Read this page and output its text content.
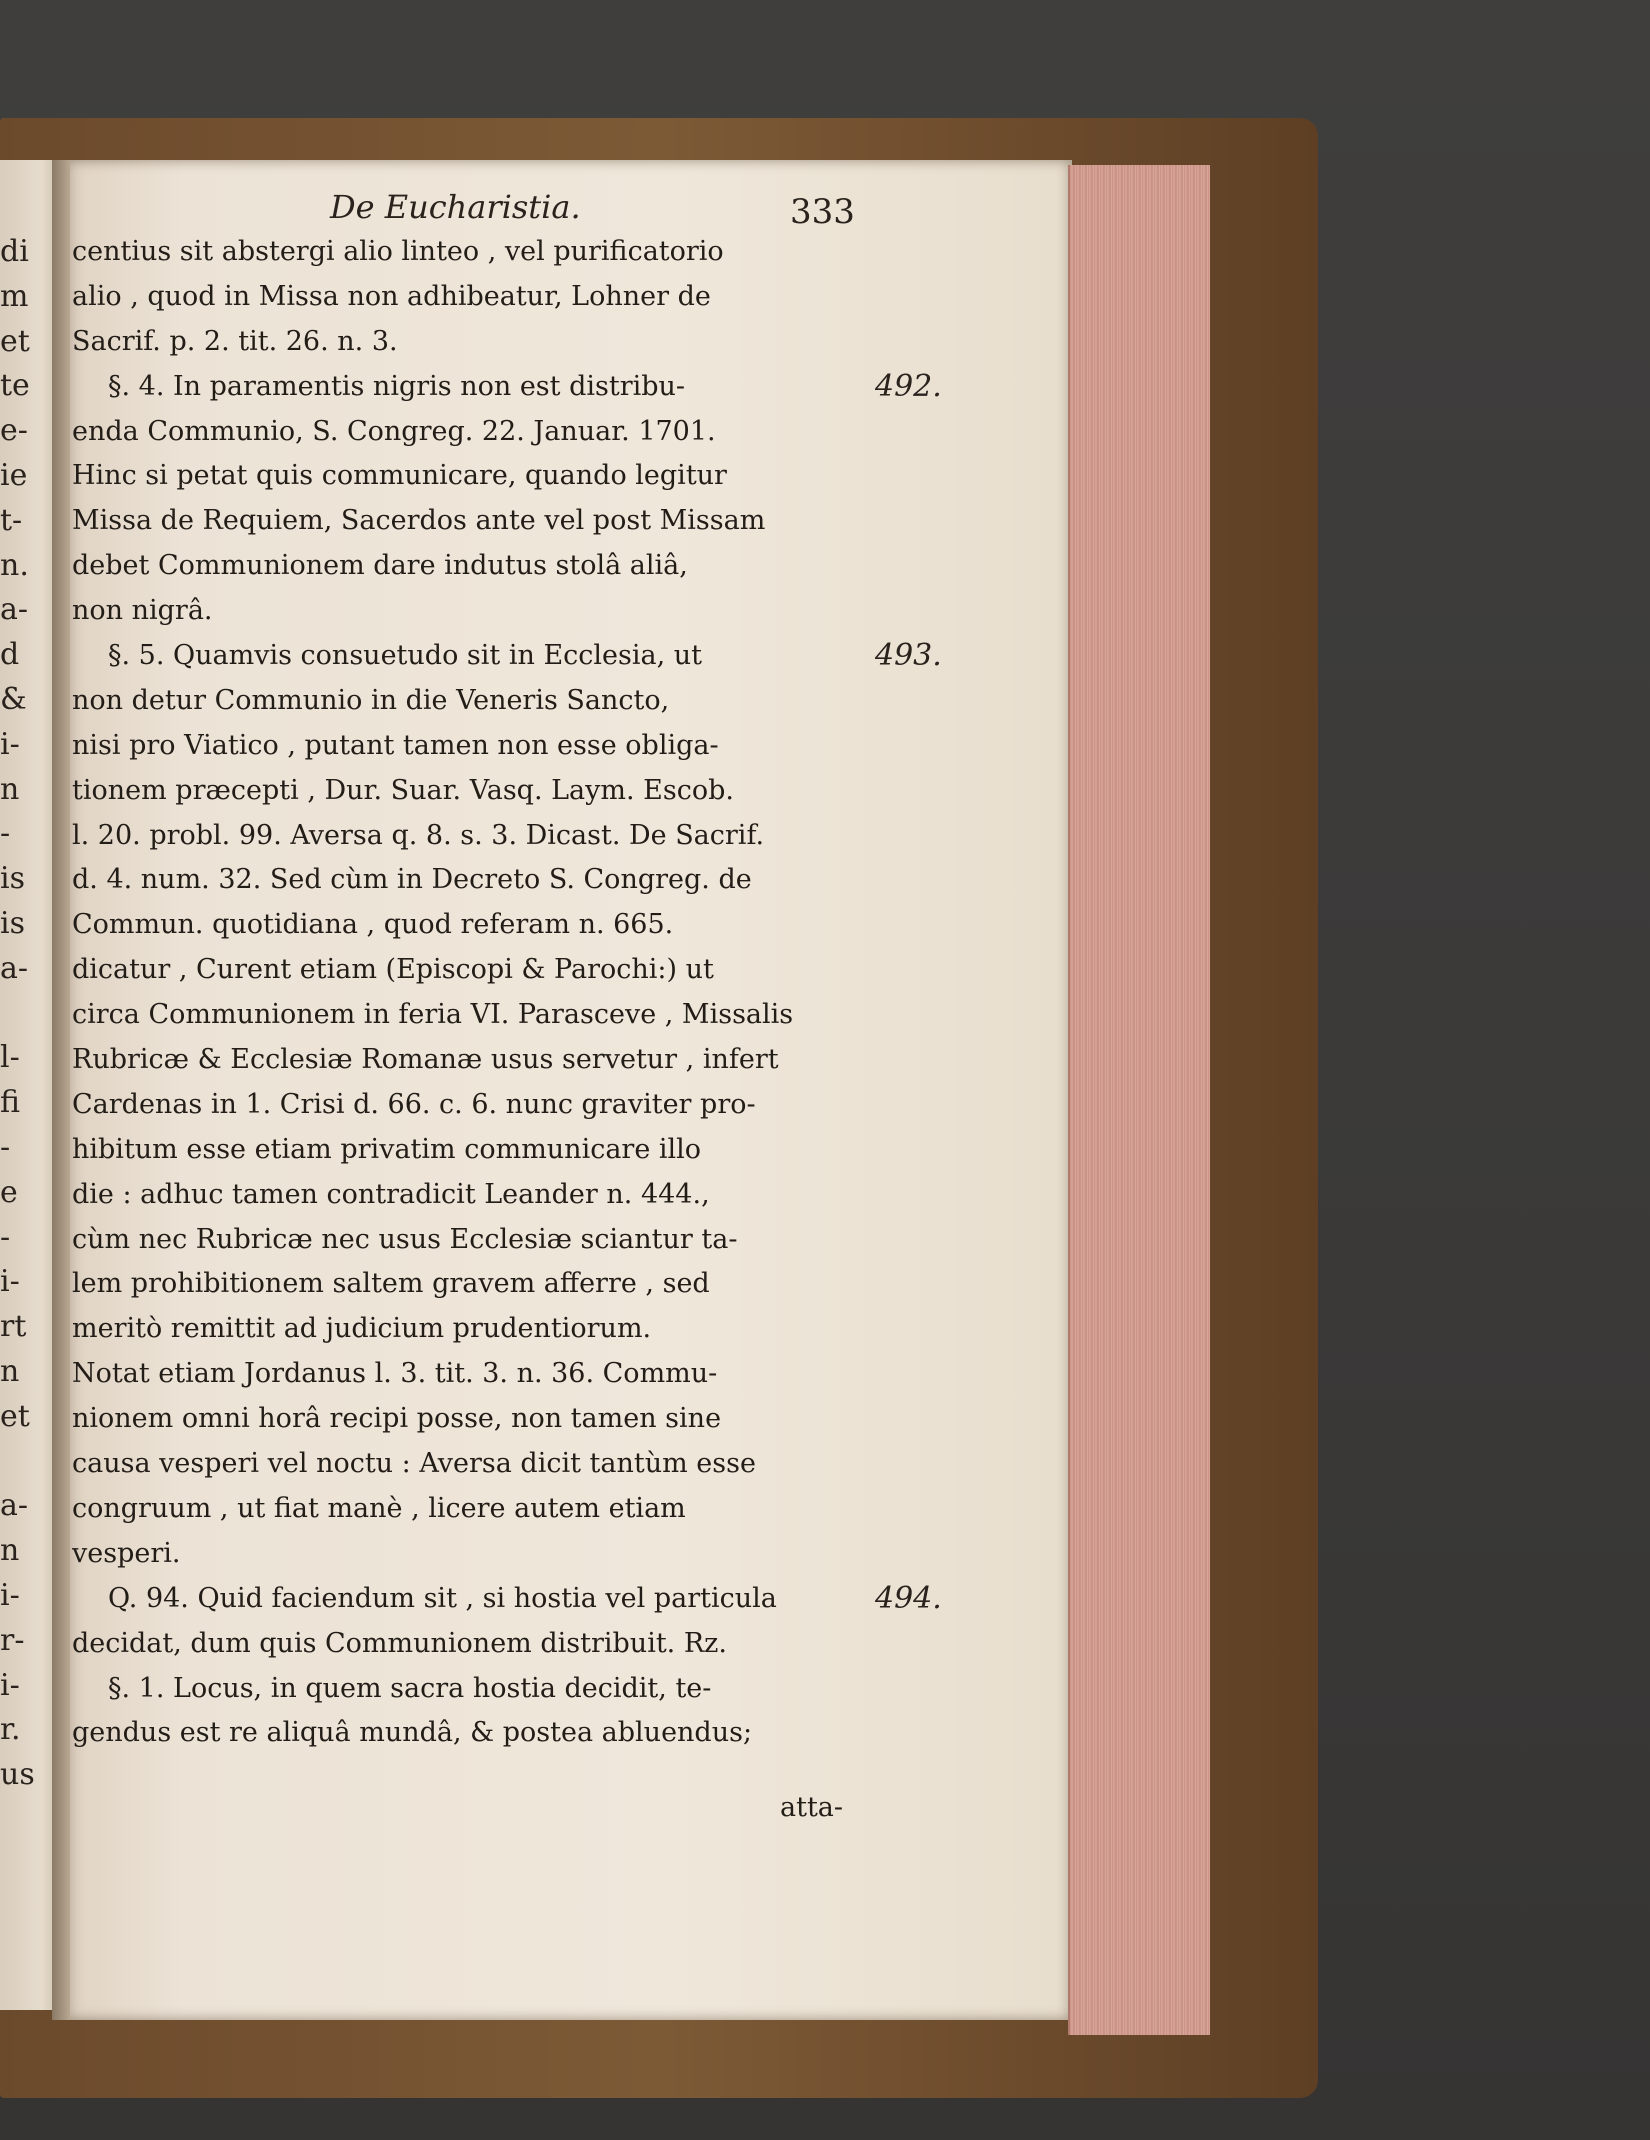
di
m
et
te
e-
ie
t-
n.
a-
d
&
i-
n
-
is
is
a-
l-
fi
-
e
-
i-
rt
n
et
a-
n
i-
r-
i-
r.
us
De Eucharistia.	333
centius sit abstergi alio linteo , vel purificatorio
alio , quod in Missa non adhibeatur, Lohner de
Sacrif. p. 2. tit. 26. n. 3.
§. 4. In paramentis nigris non est distribu-
enda Communio, S. Congreg. 22. Januar. 1701.
Hinc si petat quis communicare, quando legitur
Missa de Requiem, Sacerdos ante vel post Missam
debet Communionem dare indutus stolâ aliâ,
non nigrâ.
§. 5. Quamvis consuetudo sit in Ecclesia, ut
non detur Communio in die Veneris Sancto,
nisi pro Viatico , putant tamen non esse obliga-
tionem præcepti , Dur. Suar. Vasq. Laym. Escob.
l. 20. probl. 99. Aversa q. 8. s. 3. Dicast. De Sacrif.
d. 4. num. 32. Sed cùm in Decreto S. Congreg. de
Commun. quotidiana , quod referam n. 665.
dicatur , Curent etiam (Episcopi & Parochi:) ut
circa Communionem in feria VI. Parasceve , Missalis
Rubricæ & Ecclesiæ Romanæ usus servetur , infert
Cardenas in 1. Crisi d. 66. c. 6. nunc graviter pro-
hibitum esse etiam privatim communicare illo
die : adhuc tamen contradicit Leander n. 444.,
cùm nec Rubricæ nec usus Ecclesiæ sciantur ta-
lem prohibitionem saltem gravem afferre , sed
meritò remittit ad judicium prudentiorum.
Notat etiam Jordanus l. 3. tit. 3. n. 36. Commu-
nionem omni horâ recipi posse, non tamen sine
causa vesperi vel noctu : Aversa dicit tantùm esse
congruum , ut fiat manè , licere autem etiam
vesperi.
Q. 94. Quid faciendum sit , si hostia vel particula
decidat, dum quis Communionem distribuit. Rz.
§. 1. Locus, in quem sacra hostia decidit, te-
gendus est re aliquâ mundâ, & postea abluendus;
492.
493.
494.
atta-
